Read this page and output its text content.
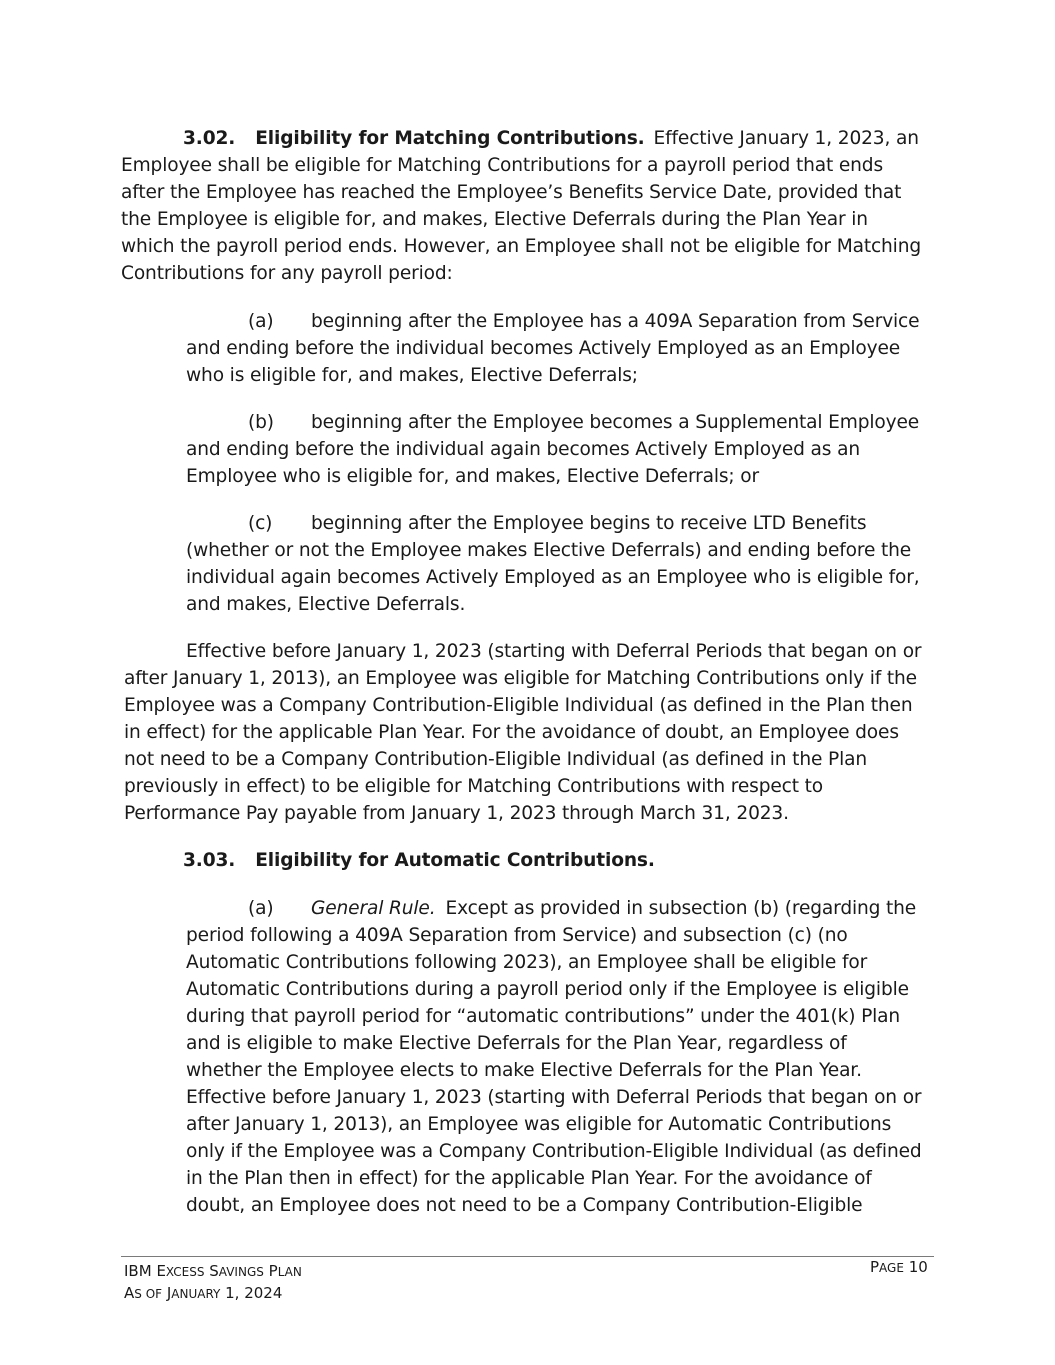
3.02. Eligibility for Matching Contributions. Effective January 1, 2023, an
Employee shall be eligible for Matching Contributions for a payroll period that ends
after the Employee has reached the Employee’s Benefits Service Date, provided that
the Employee is eligible for, and makes, Elective Deferrals during the Plan Year in
which the payroll period ends. However, an Employee shall not be eligible for Matching
Contributions for any payroll period:
(a) beginning after the Employee has a 409A Separation from Service
and ending before the individual becomes Actively Employed as an Employee
who is eligible for, and makes, Elective Deferrals;
(b) beginning after the Employee becomes a Supplemental Employee
and ending before the individual again becomes Actively Employed as an
Employee who is eligible for, and makes, Elective Deferrals; or
(c) beginning after the Employee begins to receive LTD Benefits
(whether or not the Employee makes Elective Deferrals) and ending before the
individual again becomes Actively Employed as an Employee who is eligible for,
and makes, Elective Deferrals.
Effective before January 1, 2023 (starting with Deferral Periods that began on or
after January 1, 2013), an Employee was eligible for Matching Contributions only if the
Employee was a Company Contribution-Eligible Individual (as defined in the Plan then
in effect) for the applicable Plan Year. For the avoidance of doubt, an Employee does
not need to be a Company Contribution-Eligible Individual (as defined in the Plan
previously in effect) to be eligible for Matching Contributions with respect to
Performance Pay payable from January 1, 2023 through March 31, 2023.
3.03. Eligibility for Automatic Contributions.
(a) General Rule. Except as provided in subsection (b) (regarding the
period following a 409A Separation from Service) and subsection (c) (no
Automatic Contributions following 2023), an Employee shall be eligible for
Automatic Contributions during a payroll period only if the Employee is eligible
during that payroll period for “automatic contributions” under the 401(k) Plan
and is eligible to make Elective Deferrals for the Plan Year, regardless of
whether the Employee elects to make Elective Deferrals for the Plan Year.
Effective before January 1, 2023 (starting with Deferral Periods that began on or
after January 1, 2013), an Employee was eligible for Automatic Contributions
only if the Employee was a Company Contribution-Eligible Individual (as defined
in the Plan then in effect) for the applicable Plan Year. For the avoidance of
doubt, an Employee does not need to be a Company Contribution-Eligible
IBM EXCESS SAVINGS PLAN
AS OF JANUARY 1, 2024
PAGE 10
